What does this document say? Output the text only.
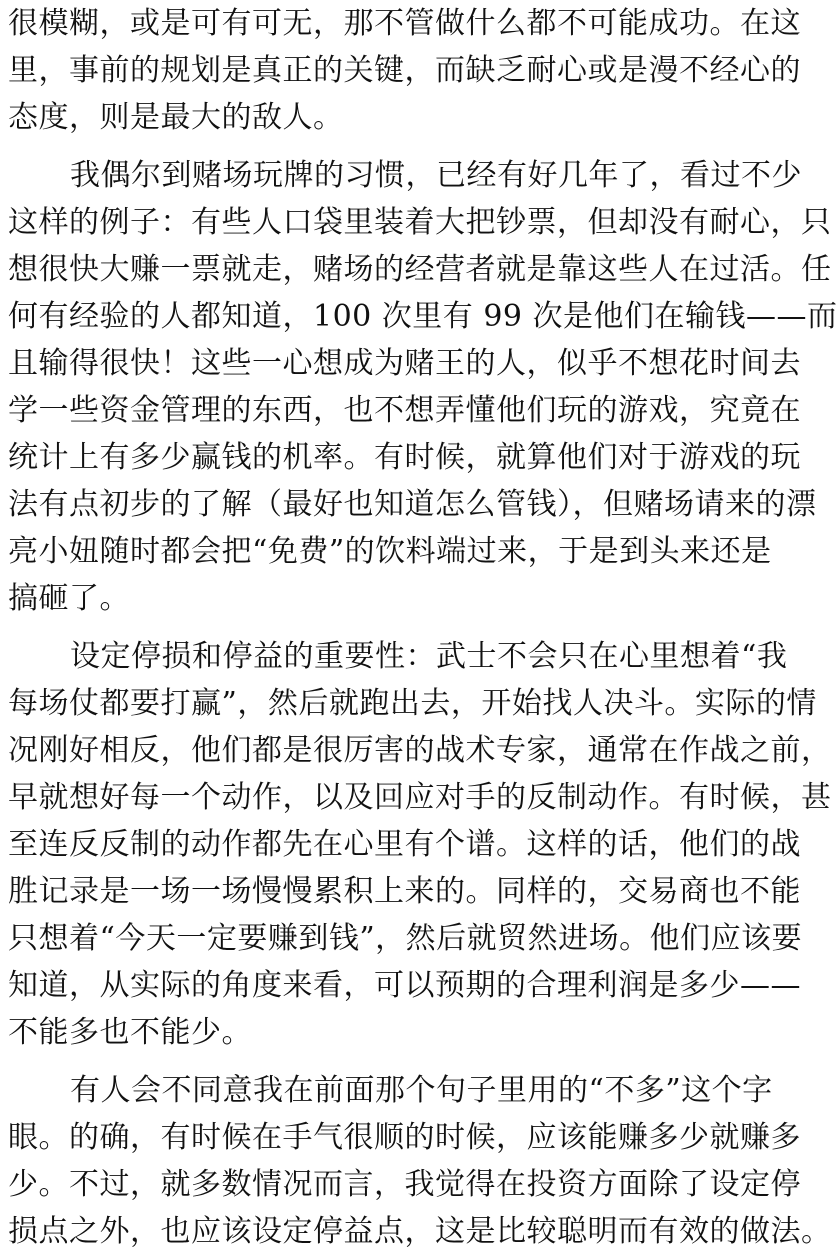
很模糊，或是可有可无，那不管做什么都不可能成功。在这
里，事前的规划是真正的关键，而缺乏耐心或是漫不经心的
态度，则是最大的敌人。
我偶尔到赌场玩牌的习惯，已经有好几年了，看过不少
这样的例子：有些人口袋里装着大把钞票，但却没有耐心，只
想很快大赚一票就走，赌场的经营者就是靠这些人在过活。任
何有经验的人都知道，100 次里有 99 次是他们在输钱——而
且输得很快！这些一心想成为赌王的人，似乎不想花时间去
学一些资金管理的东西，也不想弄懂他们玩的游戏，究竟在
统计上有多少赢钱的机率。有时候，就算他们对于游戏的玩
法有点初步的了解（最好也知道怎么管钱），但赌场请来的漂
亮小妞随时都会把“免费”的饮料端过来，于是到头来还是
搞砸了。
设定停损和停益的重要性：武士不会只在心里想着“我
每场仗都要打赢”，然后就跑出去，开始找人决斗。实际的情
况刚好相反，他们都是很厉害的战术专家，通常在作战之前，
早就想好每一个动作，以及回应对手的反制动作。有时候，甚
至连反反制的动作都先在心里有个谱。这样的话，他们的战
胜记录是一场一场慢慢累积上来的。同样的，交易商也不能
只想着“今天一定要赚到钱”，然后就贸然进场。他们应该要
知道，从实际的角度来看，可以预期的合理利润是多少——
不能多也不能少。
有人会不同意我在前面那个句子里用的“不多”这个字
眼。的确，有时候在手气很顺的时候，应该能赚多少就赚多
少。不过，就多数情况而言，我觉得在投资方面除了设定停
损点之外，也应该设定停益点，这是比较聪明而有效的做法。
